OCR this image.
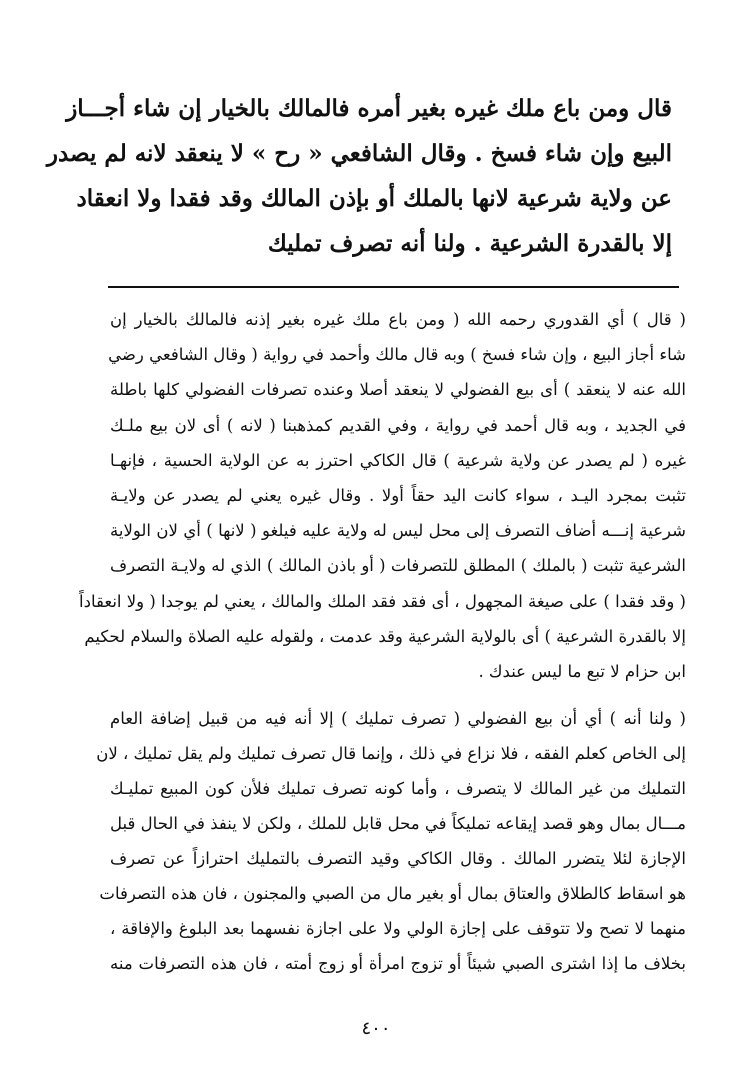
قال ومن باع ملك غيره بغير أمره فالمالك بالخيار إن شاء أجـــاز
البيع وإن شاء فسخ . وقال الشافعي « رح » لا ينعقد لانه لم يصدر
عن ولاية شرعية لانها بالملك أو بإذن المالك وقد فقدا ولا انعقاد
إلا بالقدرة الشرعية . ولنا أنه تصرف تمليك
( قال ) أي القدوري رحمه الله ( ومن باع ملك غيره بغير إذنه فالمالك بالخيار إن
شاء أجاز البيع ، وإن شاء فسخ ) وبه قال مالك وأحمد في رواية ( وقال الشافعي رضي
الله عنه لا ينعقد ) أى بيع الفضولي لا ينعقد أصلا وعنده تصرفات الفضولي كلها باطلة
في الجديد ، وبه قال أحمد في رواية ، وفي القديم كمذهبنا ( لانه ) أى لان بيع ملـك
غيره ( لم يصدر عن ولاية شرعية ) قال الكاكي احترز به عن الولاية الحسية ، فإنهـا
تثبت بمجرد اليـد ، سواء كانت اليد حقاً أولا . وقال غيره يعني لم يصدر عن ولايـة
شرعية إنـــه أضاف التصرف إلى محل ليس له ولاية عليه فيلغو ( لانها ) أي لان الولاية
الشرعية تثبت ( بالملك ) المطلق للتصرفات ( أو باذن المالك ) الذي له ولايـة التصرف
( وقد فقدا ) على صيغة المجهول ، أى فقد فقد الملك والمالك ، يعني لم يوجدا ( ولا انعقاداً
إلا بالقدرة الشرعية ) أى بالولاية الشرعية وقد عدمت ، ولقوله عليه الصلاة والسلام لحكيم
ابن حزام لا تبع ما ليس عندك .
( ولنا أنه ) أي أن بيع الفضولي ( تصرف تمليك ) إلا أنه فيه من قبيل إضافة العام
إلى الخاص كعلم الفقه ، فلا نزاع في ذلك ، وإنما قال تصرف تمليك ولم يقل تمليك ، لان
التمليك من غير المالك لا يتصرف ، وأما كونه تصرف تمليك فلأن كون المبيع تمليـك
مـــال بمال وهو قصد إيقاعه تمليكاً في محل قابل للملك ، ولكن لا ينفذ في الحال قبل
الإجازة لئلا يتضرر المالك . وقال الكاكي وقيد التصرف بالتمليك احترازاً عن تصرف
هو اسقاط كالطلاق والعتاق بمال أو بغير مال من الصبي والمجنون ، فان هذه التصرفات
منهما لا تصح ولا تتوقف على إجازة الولي ولا على اجازة نفسهما بعد البلوغ والإفاقة ،
بخلاف ما إذا اشترى الصبي شيئاً أو تزوج امرأة أو زوج أمته ، فان هذه التصرفات منه
٤٠٠
